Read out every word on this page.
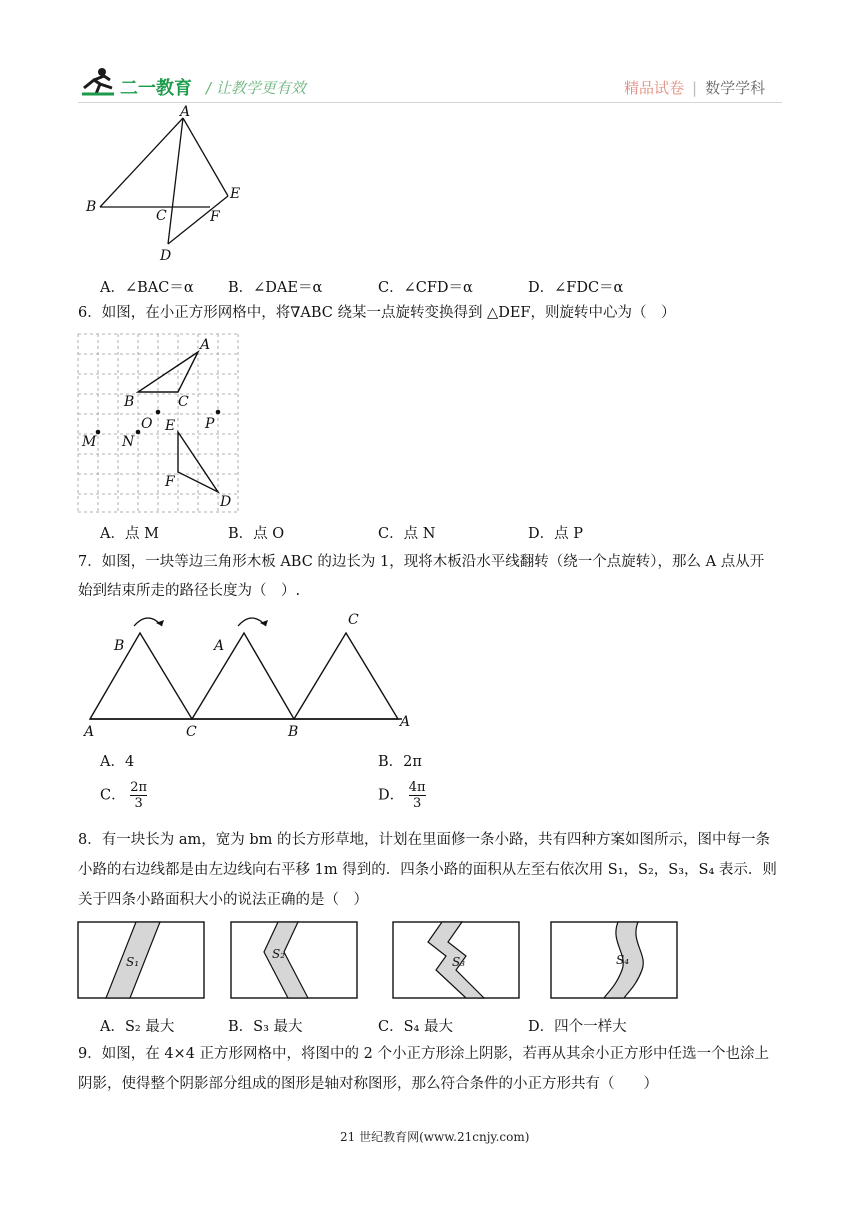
二一教育 / 让教学更有效	精品试卷 | 数学学科
A
B
C	F
E
D
A．∠BAC＝α B．∠DAE＝α	C．∠CFD＝α	D．∠FDC＝α
6．如图，在小正方形网格中，将∇ABC 绕某一点旋转变换得到 △DEF，则旋转中心为（　）
A
B	C
O E P
M N
F
D
A．点 M	B．点 O	C．点 N	D．点 P
7．如图，一块等边三角形木板 ABC 的边长为 1，现将木板沿水平线翻转（绕一个点旋转），那么 A 点从开
始到结束所走的路径长度为（　）.
A
B
C
A
B
C
A
A．4	B．2π
C． $\frac{2\pi}{3}$	D． $\frac{4\pi}{3}$
8．有一块长为 am，宽为 bm 的长方形草地，计划在里面修一条小路，共有四种方案如图所示，图中每一条
小路的右边线都是由左边线向右平移 1m 得到的．四条小路的面积从左至右依次用 S₁，S₂，S₃，S₄ 表示．则
关于四条小路面积大小的说法正确的是（　）
S₁
S₂
S₃	S₄
A．S₂ 最大	B．S₃ 最大	C．S₄ 最大	D．四个一样大
9．如图，在 4×4 正方形网格中，将图中的 2 个小正方形涂上阴影，若再从其余小正方形中任选一个也涂上
阴影，使得整个阴影部分组成的图形是轴对称图形，那么符合条件的小正方形共有（　　）
21 世纪教育网(www.21cnjy.com)
